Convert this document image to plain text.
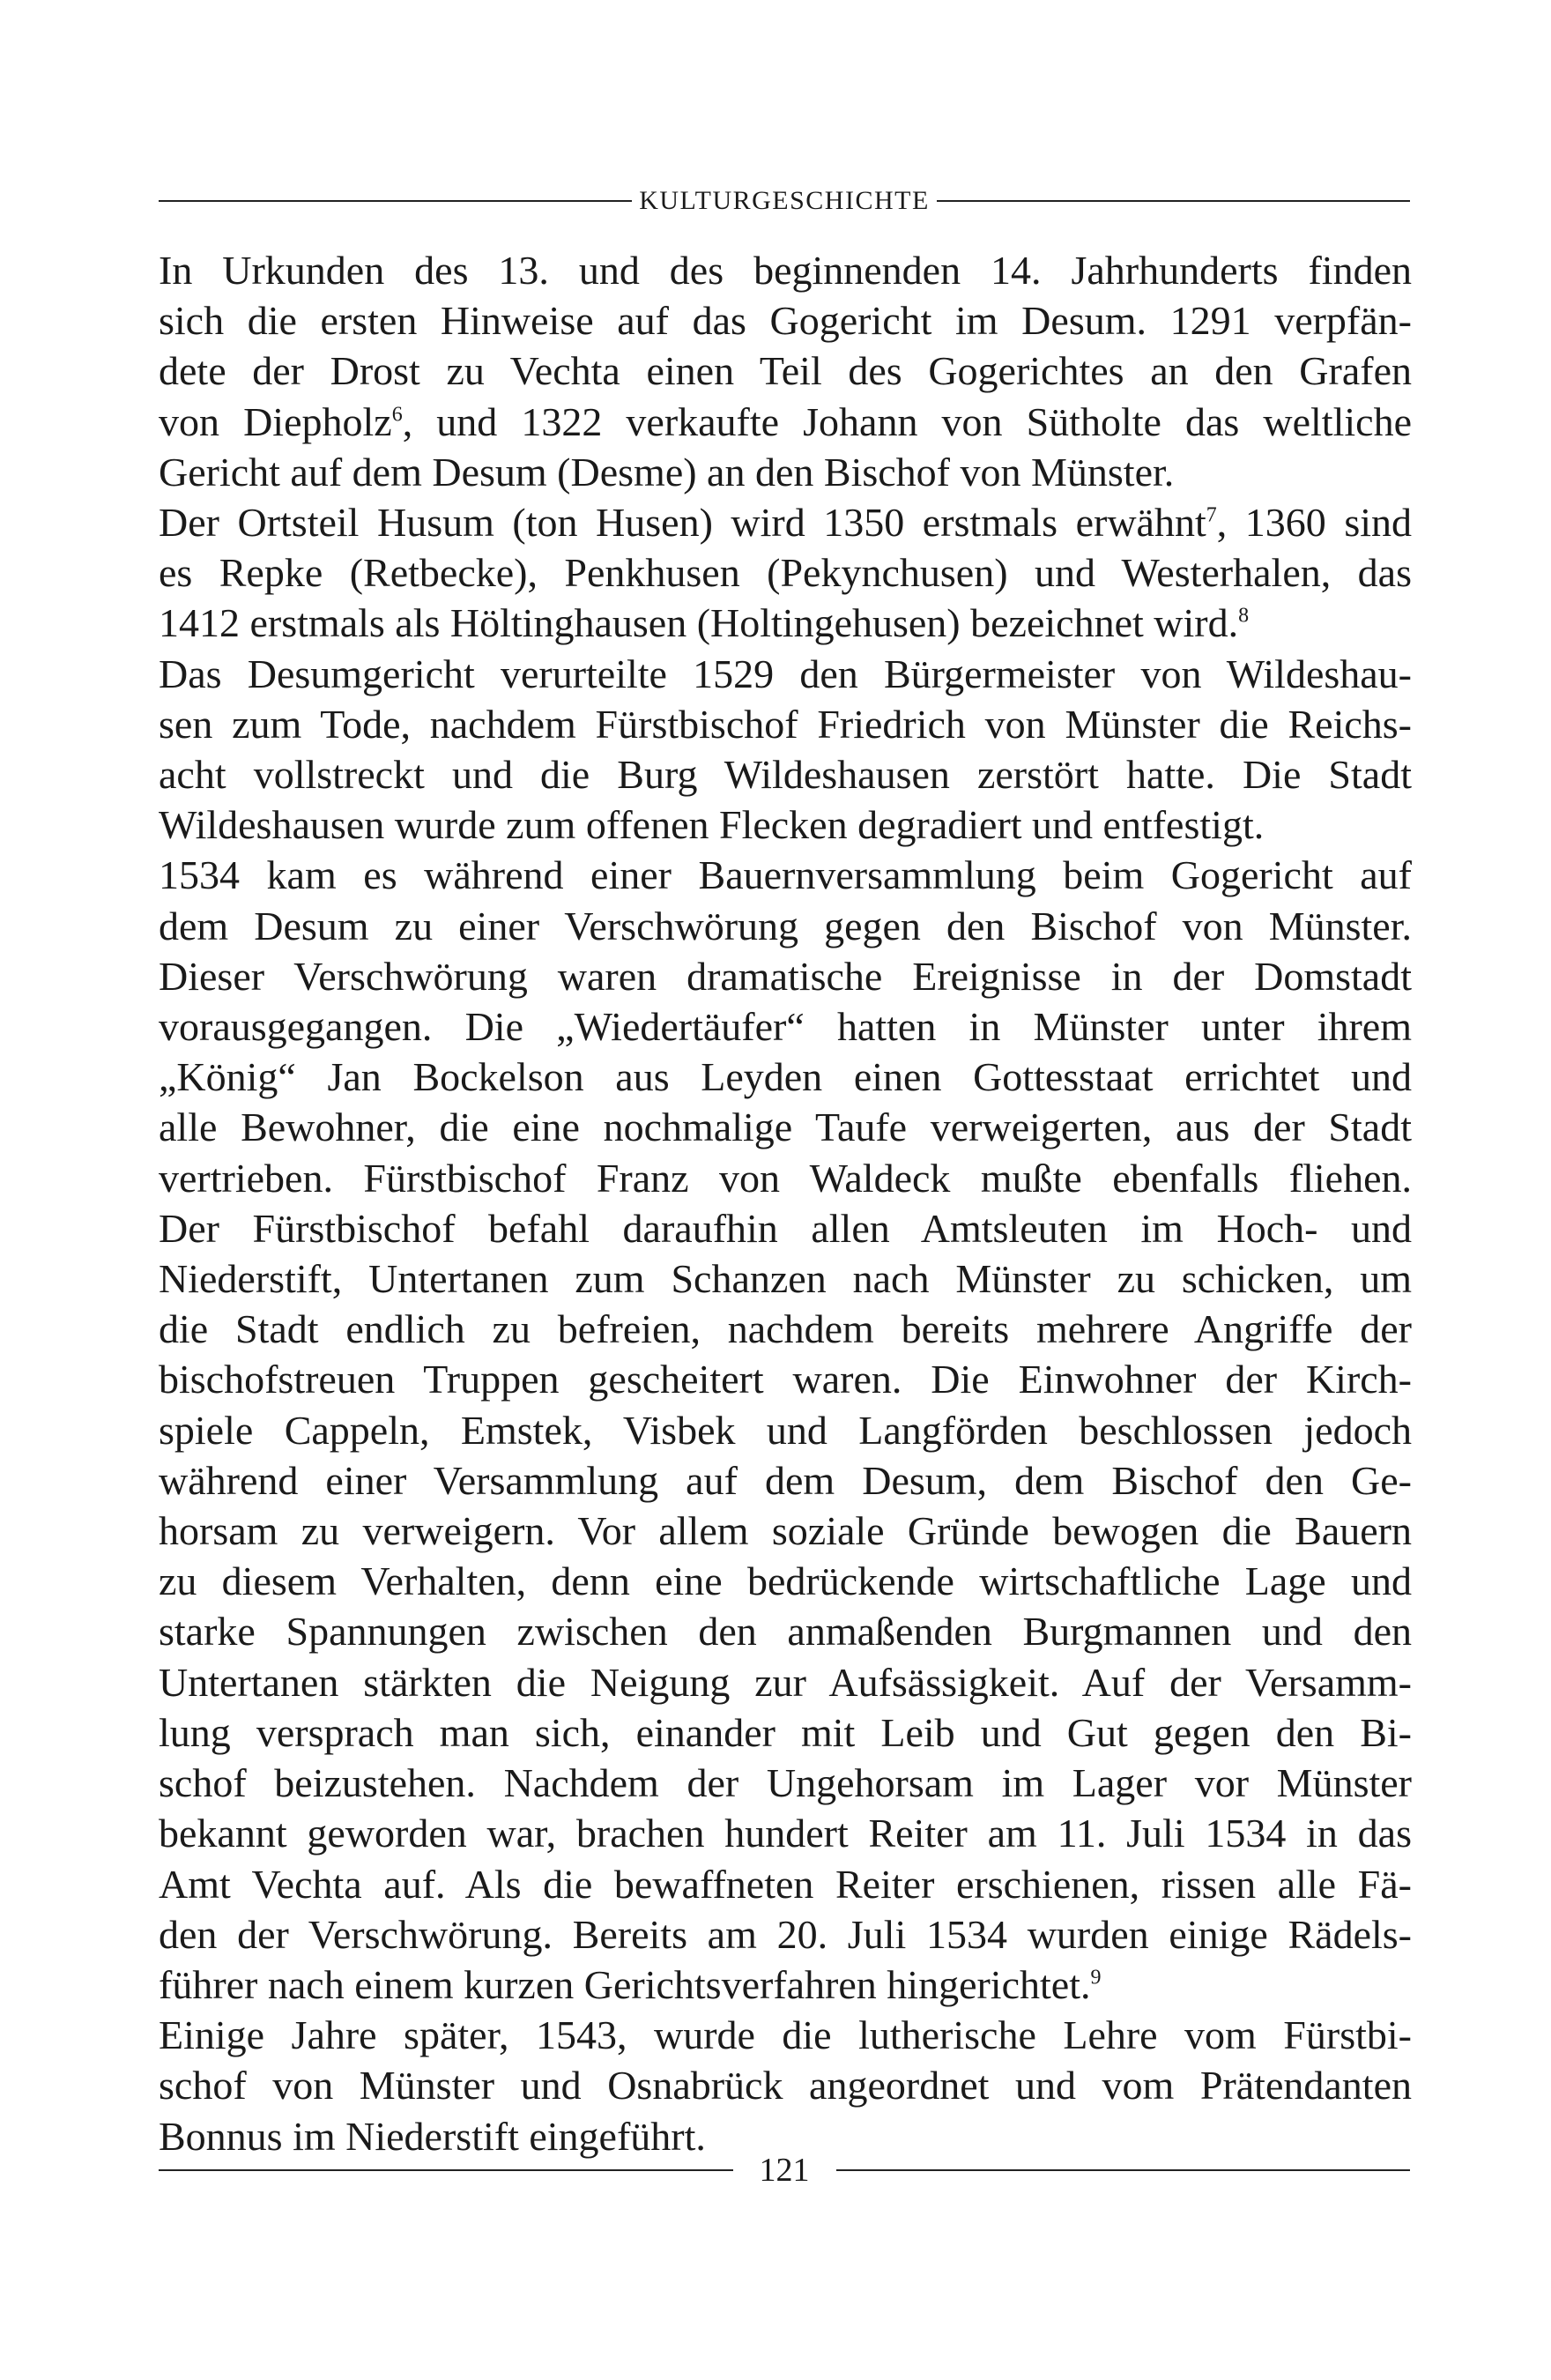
KULTURGESCHICHTE

In Urkunden des 13. und des beginnenden 14. Jahrhunderts finden
sich die ersten Hinweise auf das Gogericht im Desum. 1291 verpfän-
dete der Drost zu Vechta einen Teil des Gogerichtes an den Grafen
von Diepholz$^6$, und 1322 verkaufte Johann von Sütholte das weltliche
Gericht auf dem Desum (Desme) an den Bischof von Münster.

Der Ortsteil Husum (ton Husen) wird 1350 erstmals erwähnt$^7$, 1360 sind
es Repke (Retbecke), Penkhusen (Pekynchusen) und Westerhalen, das
1412 erstmals als Höltinghausen (Holtingehusen) bezeichnet wird.$^8$

Das Desumgericht verurteilte 1529 den Bürgermeister von Wildeshau-
sen zum Tode, nachdem Fürstbischof Friedrich von Münster die Reichs-
acht vollstreckt und die Burg Wildeshausen zerstört hatte. Die Stadt
Wildeshausen wurde zum offenen Flecken degradiert und entfestigt.

1534 kam es während einer Bauernversammlung beim Gogericht auf
dem Desum zu einer Verschwörung gegen den Bischof von Münster.
Dieser Verschwörung waren dramatische Ereignisse in der Domstadt
vorausgegangen. Die „Wiedertäufer“ hatten in Münster unter ihrem
„König“ Jan Bockelson aus Leyden einen Gottesstaat errichtet und
alle Bewohner, die eine nochmalige Taufe verweigerten, aus der Stadt
vertrieben. Fürstbischof Franz von Waldeck mußte ebenfalls fliehen.
Der Fürstbischof befahl daraufhin allen Amtsleuten im Hoch- und
Niederstift, Untertanen zum Schanzen nach Münster zu schicken, um
die Stadt endlich zu befreien, nachdem bereits mehrere Angriffe der
bischofstreuen Truppen gescheitert waren. Die Einwohner der Kirch-
spiele Cappeln, Emstek, Visbek und Langförden beschlossen jedoch
während einer Versammlung auf dem Desum, dem Bischof den Ge-
horsam zu verweigern. Vor allem soziale Gründe bewogen die Bauern
zu diesem Verhalten, denn eine bedrückende wirtschaftliche Lage und
starke Spannungen zwischen den anmaßenden Burgmannen und den
Untertanen stärkten die Neigung zur Aufsässigkeit. Auf der Versamm-
lung versprach man sich, einander mit Leib und Gut gegen den Bi-
schof beizustehen. Nachdem der Ungehorsam im Lager vor Münster
bekannt geworden war, brachen hundert Reiter am 11. Juli 1534 in das
Amt Vechta auf. Als die bewaffneten Reiter erschienen, rissen alle Fä-
den der Verschwörung. Bereits am 20. Juli 1534 wurden einige Rädels-
führer nach einem kurzen Gerichtsverfahren hingerichtet.$^9$

Einige Jahre später, 1543, wurde die lutherische Lehre vom Fürstbi-
schof von Münster und Osnabrück angeordnet und vom Prätendanten
Bonnus im Niederstift eingeführt.

121
